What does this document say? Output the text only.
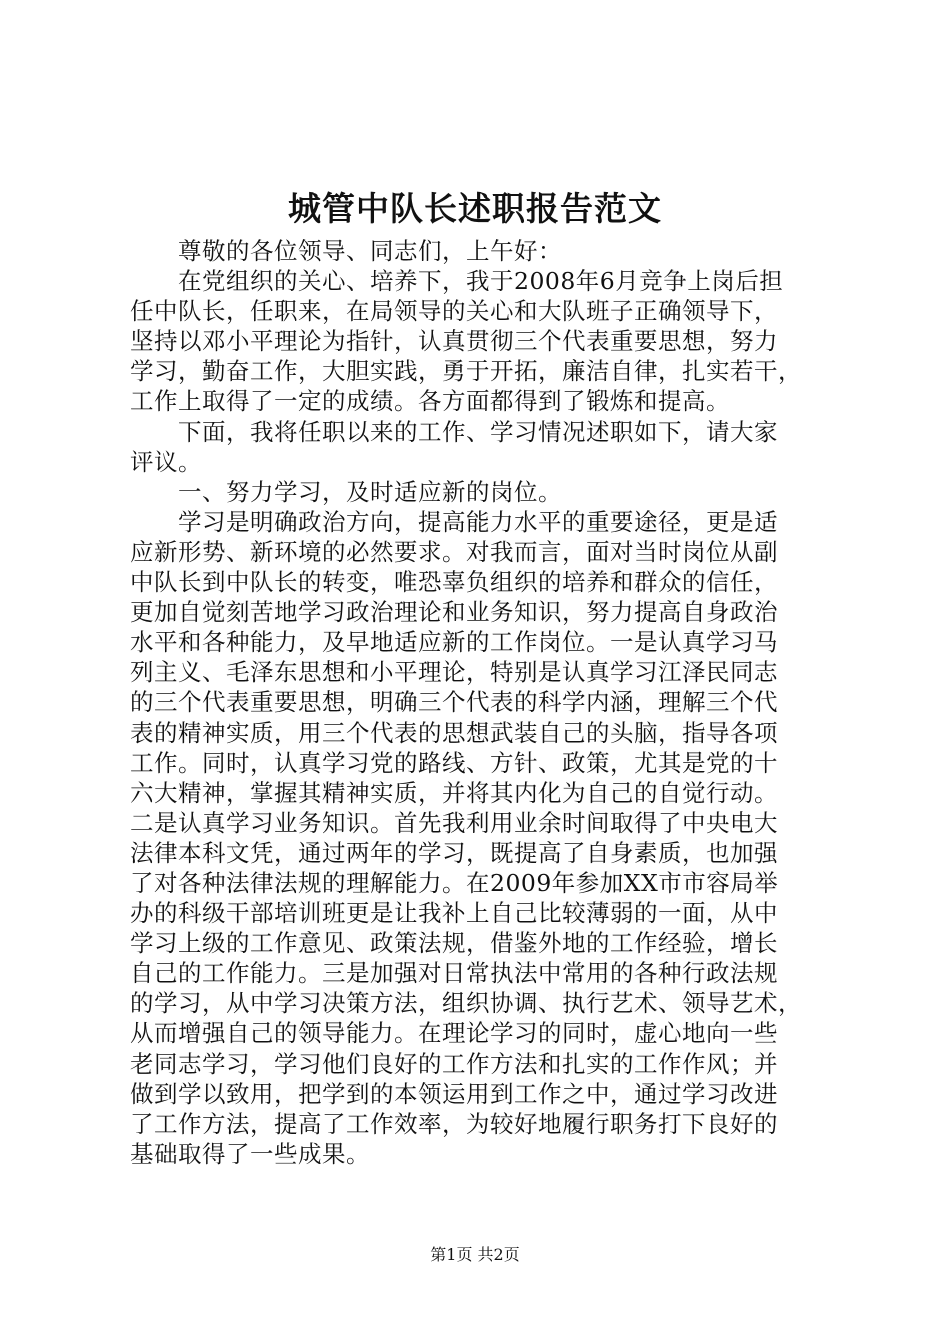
城管中队长述职报告范文
尊敬的各位领导、同志们，上午好：
在党组织的关心、培养下，我于2008年6月竞争上岗后担
任中队长，任职来，在局领导的关心和大队班子正确领导下，
坚持以邓小平理论为指针，认真贯彻三个代表重要思想，努力
学习，勤奋工作，大胆实践，勇于开拓，廉洁自律，扎实若干，
工作上取得了一定的成绩。各方面都得到了锻炼和提高。
下面，我将任职以来的工作、学习情况述职如下，请大家
评议。
一、努力学习，及时适应新的岗位。
学习是明确政治方向，提高能力水平的重要途径，更是适
应新形势、新环境的必然要求。对我而言，面对当时岗位从副
中队长到中队长的转变，唯恐辜负组织的培养和群众的信任，
更加自觉刻苦地学习政治理论和业务知识，努力提高自身政治
水平和各种能力，及早地适应新的工作岗位。一是认真学习马
列主义、毛泽东思想和小平理论，特别是认真学习江泽民同志
的三个代表重要思想，明确三个代表的科学内涵，理解三个代
表的精神实质，用三个代表的思想武装自己的头脑，指导各项
工作。同时，认真学习党的路线、方针、政策，尤其是党的十
六大精神，掌握其精神实质，并将其内化为自己的自觉行动。
二是认真学习业务知识。首先我利用业余时间取得了中央电大
法律本科文凭，通过两年的学习，既提高了自身素质，也加强
了对各种法律法规的理解能力。在2009年参加XX市市容局举
办的科级干部培训班更是让我补上自己比较薄弱的一面，从中
学习上级的工作意见、政策法规，借鉴外地的工作经验，增长
自己的工作能力。三是加强对日常执法中常用的各种行政法规
的学习，从中学习决策方法，组织协调、执行艺术、领导艺术，
从而增强自己的领导能力。在理论学习的同时，虚心地向一些
老同志学习，学习他们良好的工作方法和扎实的工作作风；并
做到学以致用，把学到的本领运用到工作之中，通过学习改进
了工作方法，提高了工作效率，为较好地履行职务打下良好的
基础取得了一些成果。
第1页 共2页
